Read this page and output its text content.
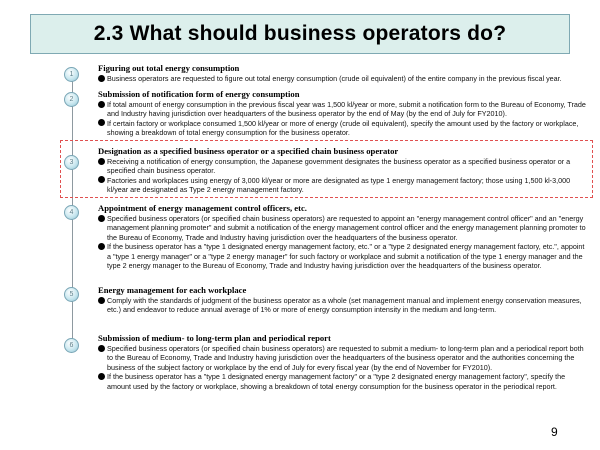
2.3 What should business operators do?
1
2
3
4
5
6
Figuring out total energy consumption
Business operators are requested to figure out total energy consumption (crude oil equivalent) of the entire company in the previous fiscal year.
Submission of notification form of energy consumption
If total amount of energy consumption in the previous fiscal year was 1,500 kl/year or more, submit a notification form to the Bureau of Economy, Trade and Industry having jurisdiction over headquarters of the business operator by the end of May (by the end of July for FY2010).
If certain factory or workplace consumed 1,500 kl/year or more of energy (crude oil equivalent), specify the amount used by the factory or workplace, showing a breakdown of total energy consumption for the business operator.
Designation as a specified business operator or a specified chain business operator
Receiving a notification of energy consumption, the Japanese government designates the business operator as a specified business operator or a specified chain business operator.
Factories and workplaces using energy of 3,000 kl/year or more are designated as type 1 energy management factory; those using 1,500 kl-3,000 kl/year are designated as Type 2 energy management factory.
Appointment of energy management control officers, etc.
Specified business operators (or specified chain business operators) are requested to appoint an "energy management control officer" and an "energy management planning promoter" and submit a notification of the energy management control officer and the energy management planning promoter to the Bureau of Economy, Trade and Industry having jurisdiction over the headquarters of the business operator.
If the business operator has a "type 1 designated energy management factory, etc." or a "type 2 designated energy management factory, etc.", appoint a "type 1 energy manager" or a "type 2 energy manager" for such factory or workplace and submit a notification of the type 1 energy manager and the type 2 energy manager to the Bureau of Economy, Trade and Industry having jurisdiction over the headquarters of the business operator.
Energy management for each workplace
Comply with the standards of judgment of the business operator as a whole (set management manual and implement energy conservation measures, etc.) and endeavor to reduce annual average of 1% or more of energy consumption intensity in the medium and long-term.
Submission of medium- to long-term plan and periodical report
Specified business operators (or specified chain business operators) are requested to submit a medium- to long-term plan and a periodical report both to the Bureau of Economy, Trade and Industry having jurisdiction over the headquarters of the business operator and the authorities concerning the business of the subject factory or workplace by the end of July for every fiscal year (by the end of November for FY2010).
If the business operator has a "type 1 designated energy management factory" or a "type 2 designated energy management factory", specify the amount used by the factory or workplace, showing a breakdown of total energy consumption for the business operator in the periodical report.
9
